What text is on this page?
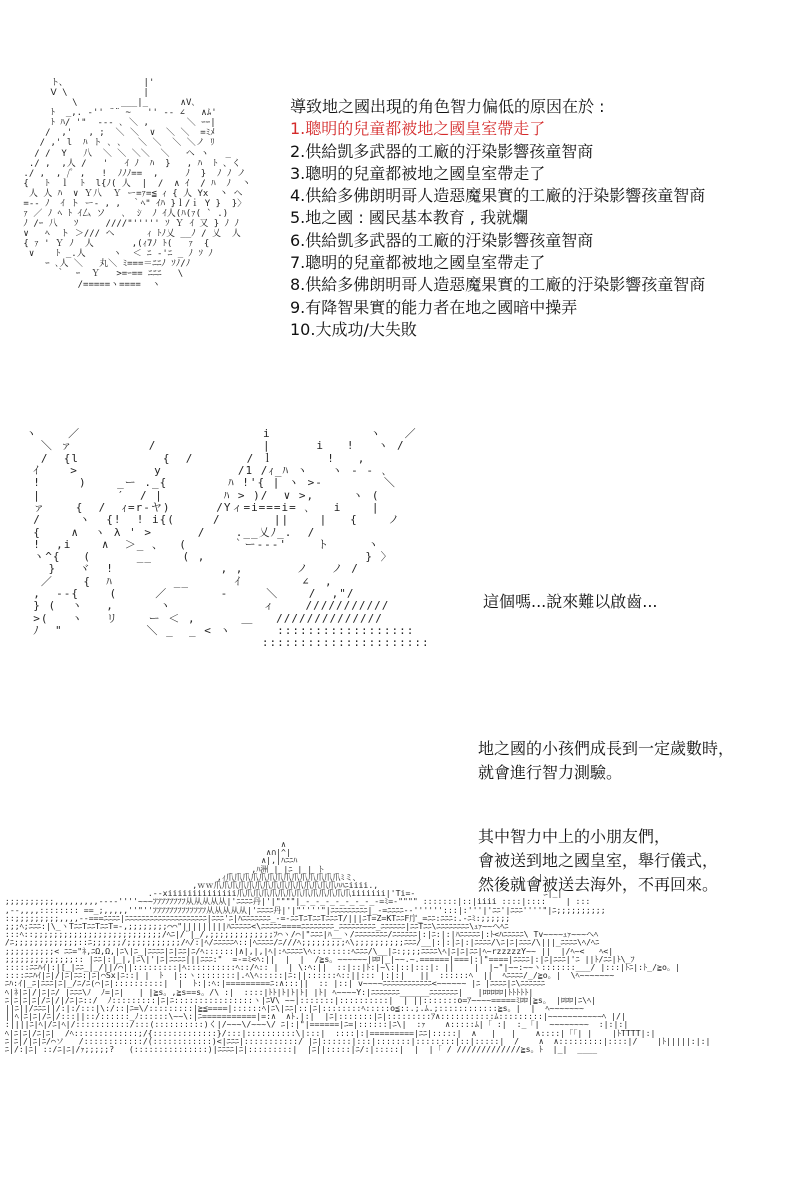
ト、              |'
Ⅴ \              |
\        ___|_      ∧V､
ﾄ  _,. ‐'' ¨¨ ~   '' ‐- ∠   ∧ﾑ'
ﾄ ﾊ/ '"  ‐-- ､ ＼ ,       ＼ ｰｰ|
/  ,'   , ;  ＼ ＼  ∨  ＼ ＼  =ﾐﾒ
/ ,' l  ﾊ ト ､ ､   ＼ ＼  ＼ ＼ノ ﾘ
/ /  Y   八  ＼ ＼ ＼＼  ＼   ヘ ヽ   _
./ ,  ,人 /   '   ｲ ﾉ  ﾊ  }   , ﾊ  ﾄ 、く
./ ,  , /ﾟ ,   !  ﾉﾉﾉ==  ,     ﾉ  }  ﾉ ﾉ ノ
{   ﾄ  ｌ  ﾄ  l{ﾉ( 人  |  /  ∧ ｲ  / ﾊ  ﾉ  丶
人 人 ﾊ  ∨ Ｙ八  Ｙ ー=ｧ=≦ ｨ { 人 Yx  丶 ヘ
=-‐ ﾉ  ｲ ト ー- , ,  ｀ﾍ" ｲﾊ }ｌ/ｉ Y }  }〉
ｧ ／ ﾉ ﾍ ﾄ ｲ厶 ソ   ､  ｼ  ﾉ ｲ人(ﾊ(ｧ( ` .)
ﾉ /ｰ 八   ｿ     ////"''''' ｿ Ｙ ｲ 又 } ﾉ ﾉ
∨   ﾍ  ト ＞/// ヘ      ｨ ﾄﾉ乂 __ﾉ / 乂  人
{ ｧ ' Ｙ ﾉ  人       ,(ｨ7ﾉ ﾄ(   ｧ  {
∨    ﾄ _.人     ヽ  ＜ ﾆ ‐'ﾆ _ ﾉ ｿ ﾉ
ｰ ､人 ＼   丸＼ ﾐ===＝ﾆﾆﾉ ｿﾉ/ﾉ
｀  ｰ  Ｙ   >=ｰ== ﾆﾆﾆ   \
/=====ヽ====  ヽ

導致地之國出現的角色智力偏低的原因在於 :
1.聰明的兒童都被地之國皇室帶走了
2.供給凱多武器的工廠的汙染影響孩童智商
3.聰明的兒童都被地之國皇室帶走了
4.供給多佛朗明哥人造惡魔果實的工廠的汙染影響孩童智商
5.地之國 : 國民基本教育 , 我就爛
6.供給凱多武器的工廠的汙染影響孩童智商
7.聰明的兒童都被地之國皇室帶走了
8.供給多佛朗明哥人造惡魔果實的工廠的汙染影響孩童智商
9.有降智果實的能力者在地之國暗中操弄
10.大成功/大失敗
ヽ    ／                        i             ヽ   ／
＼ ァ          /              |      i   !   ヽ /
/  {l           {  /       / ｌ       !   ,
ｲ    >          y          /1 /ｨ_ﾊ ヽ   ヽ - ‐ ､
!     )    _ー ._{        ﾊ !'{ | ヽ >-        ＼
|          ′  / |        ﾊ > )/  ∨ >,     ヽ (
ァ    {  /  ｨ=r-ヤ)      /Yィ=i===i= ､   i    |
/     ヽ  {!  ! i{(     /       ||    |   {    ノ
{    ∧  ヽ λ ' >      /    .__乂ﾉ_.  /
!  ,i    ∧  ＞_ 、  (      ｀ー---'    ト     ヽ
ヽ^{   (      __    ( ,                     } 〉
}   ヾ  !              , ,       ノ   ノ /
／    {  ﾊ        __      ｲ        ∠  ,
,  --{    (     ／       -     ＼    /  ,"/
} (  ヽ   ,      ヽ            ィ    ///////////
>(   ヽ   リ    ー ＜ ,      ＿   //////////////
ﾉ  "           ＼ _  _ < ヽ      ::::::::::::::::::
::::::::::::::::::::::

這個嗎...說來難以啟齒...
地之國的小孩們成長到一定歲數時，
就會進行智力測驗。
其中智力中上的小朋友們，
會被送到地之國皇室，舉行儀式，
然後就會被送去海外，不再回來。
∧
∧∩|^|
∧|,|ﾊﾆﾆﾊ
,ﾊ洲 | |ﾆ | | ト
,ｨ爪爪爪爪爪爪爪爪爪爪爪爪爪爪ﾐミ、                                    |
,ｗｗ爪爪爪爪爪爪爪爪爪爪爪爪爪爪爪ﾊﾊﾆiiii.,                             |
.-‐xiiiiiiiiiiiiii爪爪爪爪爪爪爪爪爪爪爪爪爪爪iiiiiii|'Ti=-                          ﾆ|_|
;;;;;;;;;;,,,,,,,,,----''''~~~ﾌﾌﾌﾌﾌﾌﾌﾌ从从从从从|'ﾆﾆﾆﾆ丹|'|""""|_-_-_-_-_-_-_-_-=ﾐ=-"""" :::::::|::|iiii ::::|::::    | :::
,--,,,,:::::::: ==_;,,,,,''"''ﾌﾌﾌﾌﾌﾌﾌﾌﾌﾌﾌﾌﾌ从从从从从|'ﾆﾆﾆﾆ丹|'|"''''"|ﾆﾆﾆﾆﾆﾆﾆﾆﾆ|_-=ﾆﾆﾆﾆ--'''''':::|:'''|'ﾆﾆ'|ﾆﾆﾆ''''"|ﾆ;;;;;;;;;;
::;;;;;;;;;,,,,--===ﾆﾆﾆﾆ|ﾆﾆﾆﾆﾆﾆﾆﾆﾆﾆﾆﾆﾆﾆﾆﾆﾆﾆﾆﾆ|ﾆﾆﾆ'ﾆ|ﾊﾆﾆﾆﾆﾆﾆﾆ_-=-ﾆﾆTﾆTﾆﾆTﾆﾆﾆT/|||ﾆT=Z=KTﾆﾆF庁_=ﾆﾆ:ﾆﾆﾆ:.-ﾆﾐ:;;;;;;
;;;ﾍ;ﾆﾆﾆ:|\_ヽTﾆﾆTﾆﾆTﾆﾆT=-,;;;;;;;;⌒⌒"|||||||||ﾊﾆﾆﾆﾆﾆ<\ﾆﾆﾆﾆﾆ====ﾆﾆﾆﾆﾆﾆﾆﾆ_ﾆﾆﾆﾆﾆﾆﾆﾆﾆ_ﾆﾆﾆﾆﾆﾆ|ﾆﾆTﾆﾆ\ﾆﾆﾆﾆﾆﾆﾆﾆ\ｭｧ~~ヘﾍﾆ
:::ﾍ::;;;;;;;;;;;;;;;;;;;;;;;;;;/ﾍﾆ|/¨|_/,;;;;;;;;;;;;;ﾌ⌒ヽ/⌒|"ﾆﾆﾆ|ﾊ__ヽ/ﾆﾆﾆﾆﾆﾆﾆﾆ/ﾆﾆﾆﾆﾆﾆ|:|ﾆ:|:|ﾊﾆﾆﾆﾆﾆ|:ﾄ<ﾊﾆﾆﾆﾆﾆ\ Tv~~~~ｭｧ~~~ヘﾍ
/ﾆ;;;;;;;;;;;;;::ﾆ;;;;;;/;;;;;;;;;;;/ﾍ/:|ﾍ/ﾆﾆﾆﾆﾆﾍ::|ﾍﾆﾆﾆﾆ/ﾆ///ﾍ;;;;;;;;;ﾍ\;;;;;;;;;;ﾆﾆﾆ/__|:|:|ﾆ|:|ﾆﾆﾆﾆ/\ﾆ|ﾆ|ﾆﾆﾆ/\|||_ﾆﾆﾆﾆ\ﾍ/ﾍﾆ
;;;;;;;;;;< ﾆﾆ="ﾈ,ﾆΩ,Ω,|ﾆ\|ﾆ_|ﾆﾆﾆﾆ|ﾆ|ﾆﾆ|ﾆ/ﾍ::::::|∧|,|,|ﾍ|:ﾍﾆﾆﾆﾆ\ﾍ::::::::ﾍﾆﾆﾆ/\__|ﾆ:;;;;ﾆﾆﾆﾆ\ﾍ|ﾆ|ﾆ|ﾆﾆ|ﾍ~rzzzzzY~~ ||  |/ﾍ~<   ﾍ<|
;;;;;;;;;;;;;;:: |ﾆﾆ|:|_|,|ﾆ\|'|ﾆ|ﾆﾆﾆﾆ|||ﾆﾆﾆ:"  =-=ﾐ<ﾍ:||  |  |  /≧s。~~~~~~|ﾛﾛ|_|~~.~.======|===|:|"====|ﾆﾆﾆﾆ|:|ﾆ|ﾆﾆﾆ|'ﾆ ||ﾄ/ﾆﾆ|ﾄ\_ﾌ
:::::ﾆﾆﾊｲ|:|[_|ﾆﾆ_|_/||/⌒||:::::::::|ﾍ::::::::::ﾍ::/ﾍ:: |  | \:ﾍ:||  ::|::|ﾄ:|~\:|::|:::|: ||    |  |~"|~~:~~ヽ:::::::___/ |:::|ﾄﾆ|:ﾄ_/≧o。|
::::ﾆﾆﾊｲ|ﾆ|/|ﾆ|ﾆﾆ:|ﾆ|⌒Sx|ﾆ::| |  ﾄ  |::ヽ::::::::|.ﾍ\ﾍ:::::|ﾆ:||::::::ﾍ::||::: |:|:|   ||  ::::::ﾍ  ||  ﾍﾆﾆﾆﾆ/_/≧o。|  \ﾍ~~~~~~~
ﾆﾊ:ｲ|_ﾆ|ﾆﾆﾆ|ﾆ|_/ﾆ/ﾆ(⌒|ﾆ|::::::::::|  |  ﾄ:|:ﾍ:|=========ﾆ:∧:::||  :: |::| v~~~~ﾆﾆﾆﾆﾆﾆﾆﾆﾆﾆﾆﾆ<~~~~~~ |ﾆ |ﾆﾆﾆﾆ|ﾆ\ﾆﾆﾆﾆﾆﾆ
ﾍ|ﾈ|ﾆ|/|ﾆ|ﾆ/ |ﾆﾆﾆ\ﾉ  ﾉ=|ﾆ|   | |≧s。,≧s==s。/\ :|  ::::|ﾄﾄ|ﾄ|ﾄ|ﾄ| |ﾄ| ﾍ~~~~Y:|ﾆﾆﾆﾆﾆﾆﾆ______ﾆﾆﾆﾆﾆﾆﾆ|   |ﾛﾛﾛﾛﾛ|ﾄﾄﾄﾄﾄ|
ﾆ|ﾆ|ﾆ|ﾆ|/ﾆ|/|/ﾆ|ﾆ::/  ﾉ:::::::::|ﾆ|ﾆ::::::::::::::::ヽ|ﾆV\ ~~|:::::::|::::::::::|  | ||:::::::o=ｱ~~~~=====ﾐﾛﾛ|≧s。 |ﾛﾛﾛ|ﾆ\ﾍ|
||ﾆ||/ﾆﾆﾆ||/:|:/:::|\:/::|ﾆ=\/:::::::::|≧≦====|::::::ﾍ|ﾆ\|ﾆﾆ|::|ﾆ|::::::::ﾍ:::::o≦::.;.ﾑ.;::::::::::::≧s。|  |  ﾍ~~~~~~~
||ﾍ|ﾆ|ﾆ|/ﾆ|/:::||::/::::::_ﾉ::::::\~~\:|ﾆ===========|=:∧  ∧ﾄ.|:|  |ﾆ|:::::::|ﾆ|:::::::::ｱ∧:::::::::::ﾑ:::::::::|~~~~~~~~~~~ﾍ |/|
:||||ﾆ|ﾍ|/ﾆ|ﾍ|/:::::::::::/:::(::::::::::)く|/~~~\/~~~\/ ﾆ|:|"|======|ﾆ=|::::::|ﾆ\|  :ｧ    ∧:::::ﾑ|「 :|  :_「|  ~~~~~~~~  :|:|:|
ﾍ|ﾆ|ﾆ|/ﾆ|ﾆ|  /ﾍ:::::::::::::;/{:::::::::::::}/:::|::::::::::\|:::|  ::::|:|=========|ﾆﾆ|:::::|  ∧   |   |    ∧::::|「「| |    |ﾄTTTT|:|
ﾆ|ﾆ|/|ﾆ|ﾆ/⌒ソ   /::::::::::::/(::::::::::::)<|ﾆﾆﾆ|:::::::::::/ |ﾆ|::::::|:::|:::::::|::::::::|::|:::::|  /    ∧  ∧:::::::::|::::|/    |ﾄ|||||:|:|
ﾆ|/:|ﾆ| ::/ﾆ|ﾆ|/ｧ;;;;;?   (:::::::::::::::)|ﾆﾆﾆﾆ|ﾆ|:::::::::|  |ﾆ||:::::|ﾆ/:|:::::|  |  |「 / /////////////≧s。ﾄ  |_|  ____
